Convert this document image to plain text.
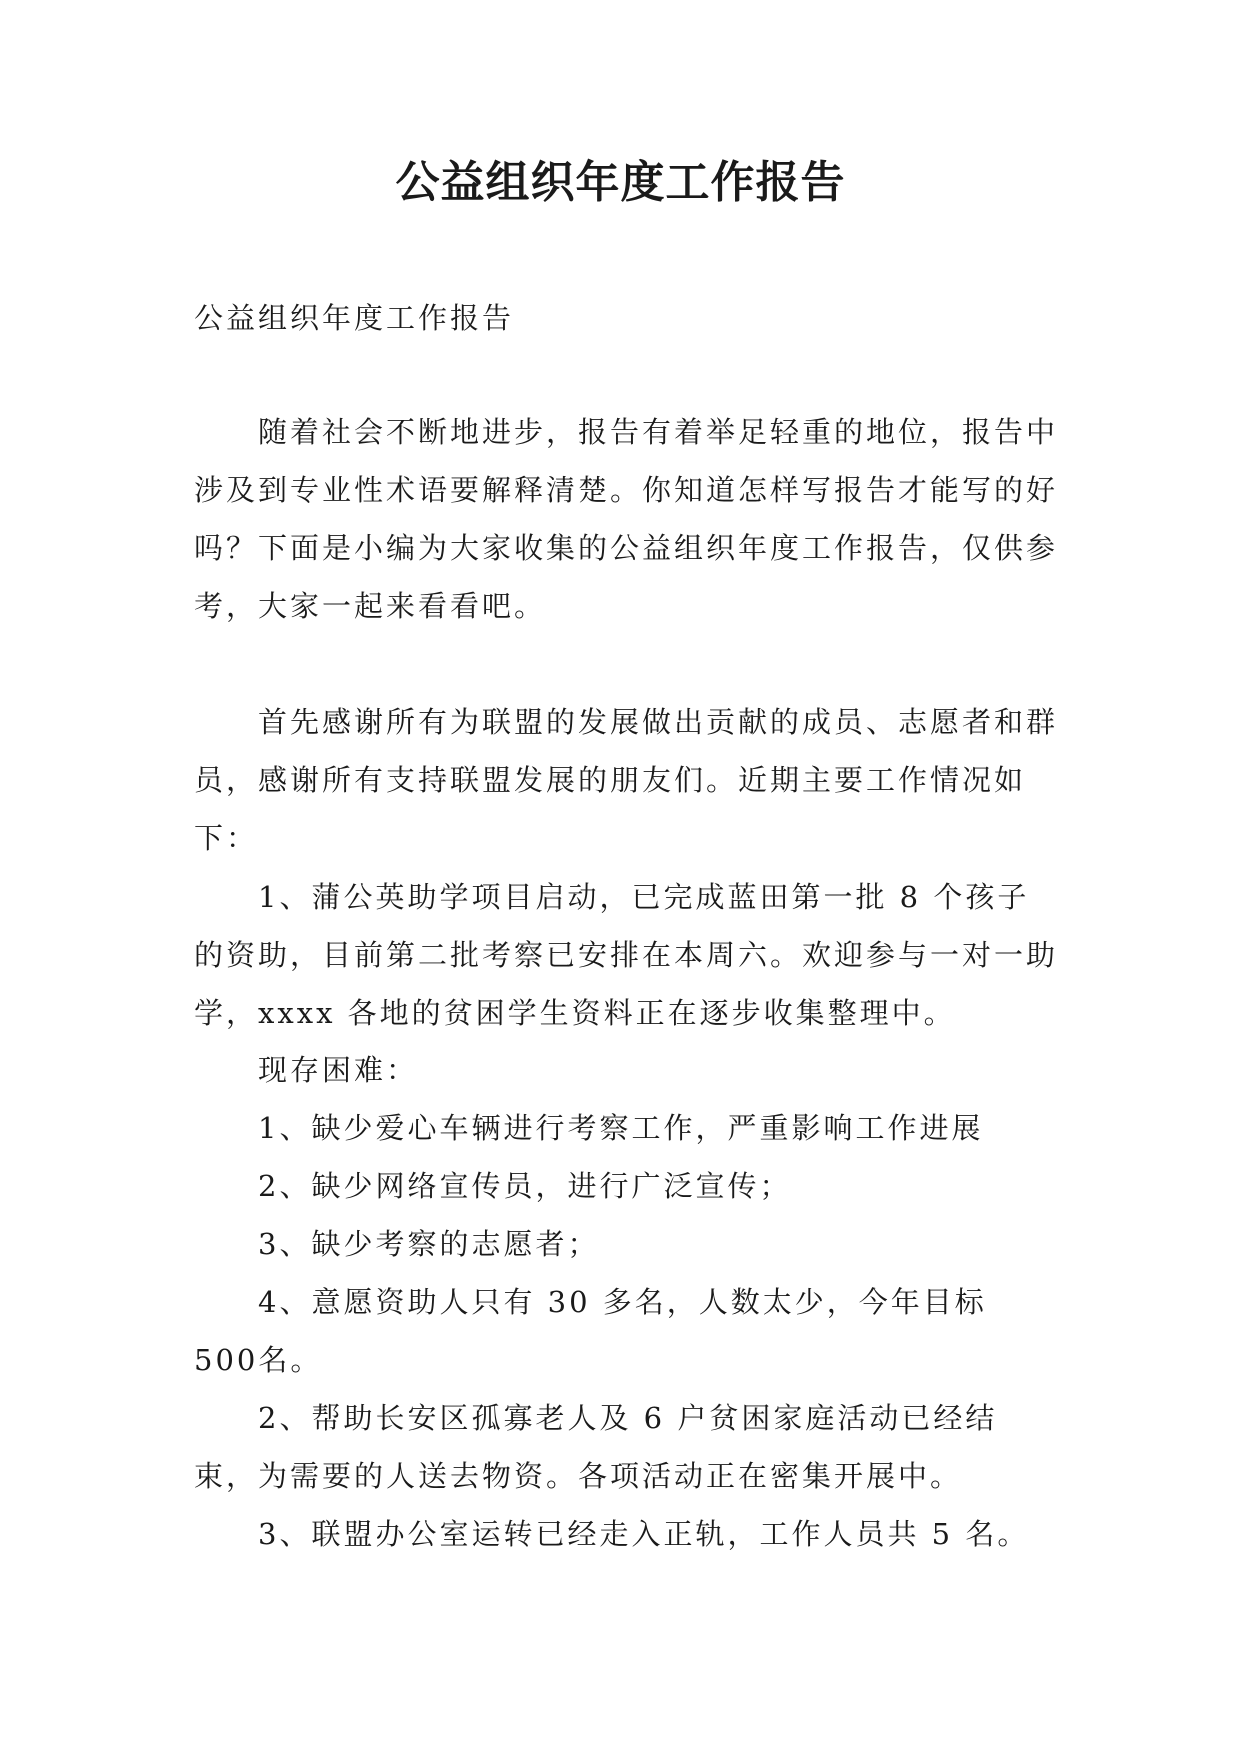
公益组织年度工作报告

公益组织年度工作报告

随着社会不断地进步，报告有着举足轻重的地位，报告中涉及到专业性术语要解释清楚。你知道怎样写报告才能写的好吗？下面是小编为大家收集的公益组织年度工作报告，仅供参考，大家一起来看看吧。

首先感谢所有为联盟的发展做出贡献的成员、志愿者和群员，感谢所有支持联盟发展的朋友们。近期主要工作情况如下：

1、蒲公英助学项目启动，已完成蓝田第一批 8 个孩子的资助，目前第二批考察已安排在本周六。欢迎参与一对一助学，xxxx 各地的贫困学生资料正在逐步收集整理中。

现存困难：

1、缺少爱心车辆进行考察工作，严重影响工作进展

2、缺少网络宣传员，进行广泛宣传；

3、缺少考察的志愿者；

4、意愿资助人只有 30 多名，人数太少，今年目标 500名。

2、帮助长安区孤寡老人及 6 户贫困家庭活动已经结束，为需要的人送去物资。各项活动正在密集开展中。

3、联盟办公室运转已经走入正轨，工作人员共 5 名。
